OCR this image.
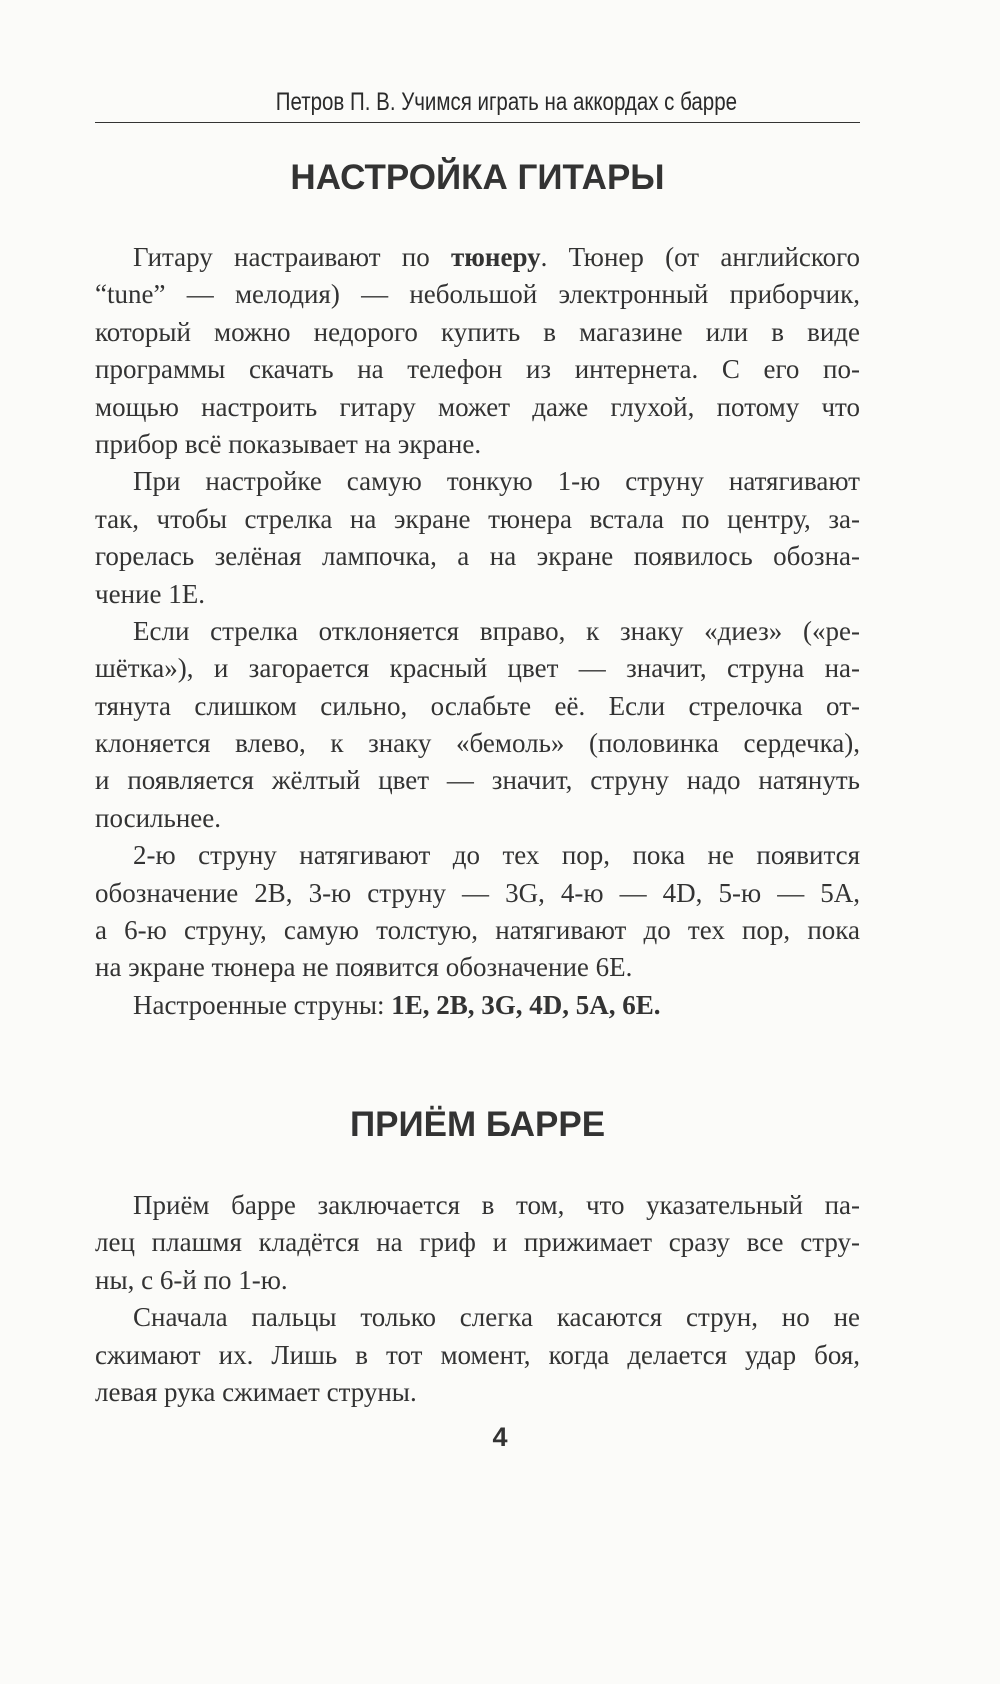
Петров П. В. Учимся играть на аккордах с барре
НАСТРОЙКА ГИТАРЫ
Гитару настраивают по тюнеру. Тюнер (от английского
“tune” — мелодия) — небольшой электронный приборчик,
который можно недорого купить в магазине или в виде
программы скачать на телефон из интернета. С его по-
мощью настроить гитару может даже глухой, потому что
прибор всё показывает на экране.
При настройке самую тонкую 1-ю струну натягивают
так, чтобы стрелка на экране тюнера встала по центру, за-
горелась зелёная лампочка, а на экране появилось обозна-
чение 1Е.
Если стрелка отклоняется вправо, к знаку «диез» («ре-
шётка»), и загорается красный цвет — значит, струна на-
тянута слишком сильно, ослабьте её. Если стрелочка от-
клоняется влево, к знаку «бемоль» (половинка сердечка),
и появляется жёлтый цвет — значит, струну надо натянуть
посильнее.
2-ю струну натягивают до тех пор, пока не появится
обозначение 2В, 3-ю струну — 3G, 4-ю — 4D, 5-ю — 5А,
а 6-ю струну, самую толстую, натягивают до тех пор, пока
на экране тюнера не появится обозначение 6Е.
Настроенные струны: 1E, 2B, 3G, 4D, 5A, 6E.
ПРИЁМ БАРРЕ
Приём барре заключается в том, что указательный па-
лец плашмя кладётся на гриф и прижимает сразу все стру-
ны, с 6-й по 1-ю.
Сначала пальцы только слегка касаются струн, но не
сжимают их. Лишь в тот момент, когда делается удар боя,
левая рука сжимает струны.
4
